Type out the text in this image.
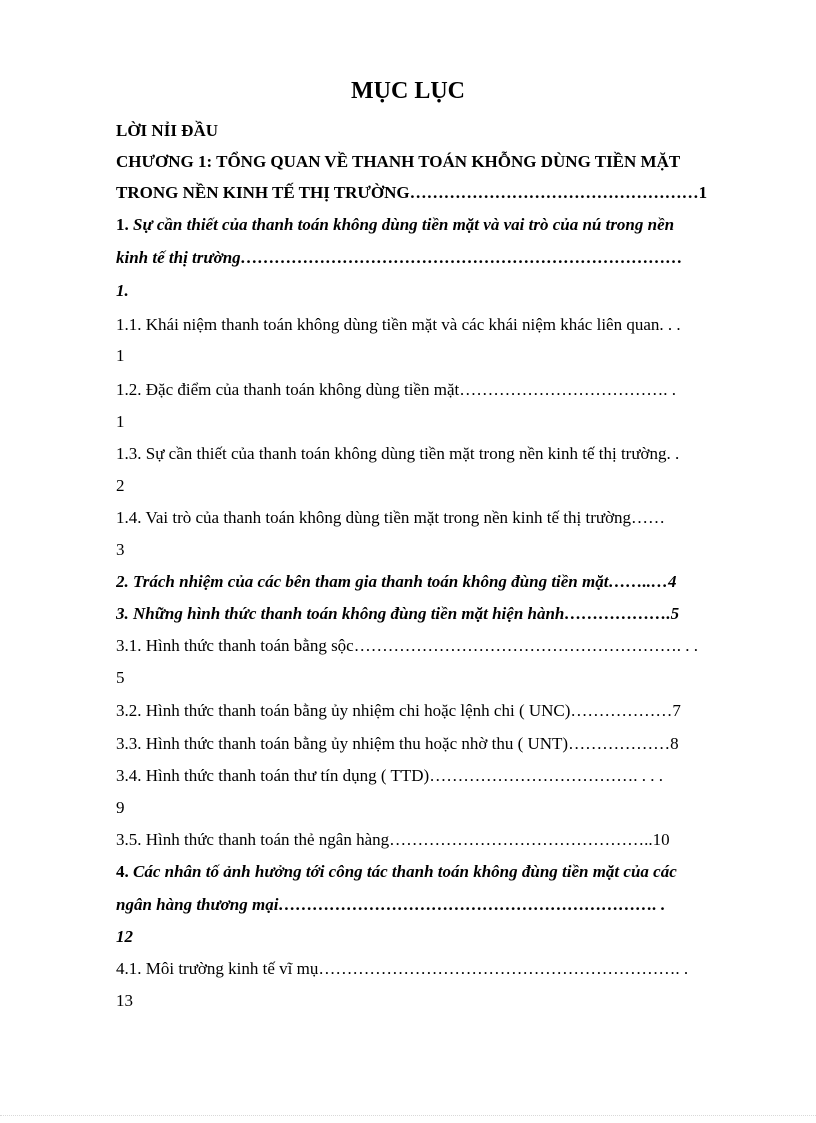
MỤC LỤC
LỜI NỈI ĐẦU
CHƯƠNG 1: TỔNG QUAN VỀ THANH TOÁN KHỖNG DÙNG TIỀN MẶT
TRONG NỀN KINH TẾ THỊ TRƯỜNG……………………………………………1
1. Sự cần thiết của thanh toán không dùng tiền mặt và vai trò của nú trong nền
kinh tế thị trường……………………………………………………………………
1.
1.1. Khái niệm thanh toán không dùng tiền mặt và các khái niệm khác liên quan. . .
1
1.2. Đặc điểm của thanh toán không dùng tiền mặt………………………………. .
1
1.3. Sự cần thiết của thanh toán không dùng tiền mặt trong nền kinh tế thị trường. .
2
1.4. Vai trò của thanh toán không dùng tiền mặt trong nền kinh tế thị trường……
3
2. Trách nhiệm của các bên tham gia thanh toán không đùng tiền mặt……..…4
3. Những hình thức thanh toán không đùng tiền mặt hiện hành……………….5
3.1. Hình thức thanh toán bằng sộc…………………………………………………. . .
5
3.2. Hình thức thanh toán bằng ủy nhiệm chi hoặc lệnh chi ( UNC)………………7
3.3. Hình thức thanh toán bằng ủy nhiệm thu hoặc nhờ thu ( UNT)………………8
3.4. Hình thức thanh toán thư tín dụng ( TTD)………………………………. . . .
9
3.5. Hình thức thanh toán thẻ ngân hàng………………………………………..10
4. Các nhân tố ảnh hưởng tới công tác thanh toán không đùng tiền mặt của các
ngân hàng thương mại…………………………………………………………. .
12
4.1. Môi trường kinh tế vĩ mụ………………………………………………………. .
13
